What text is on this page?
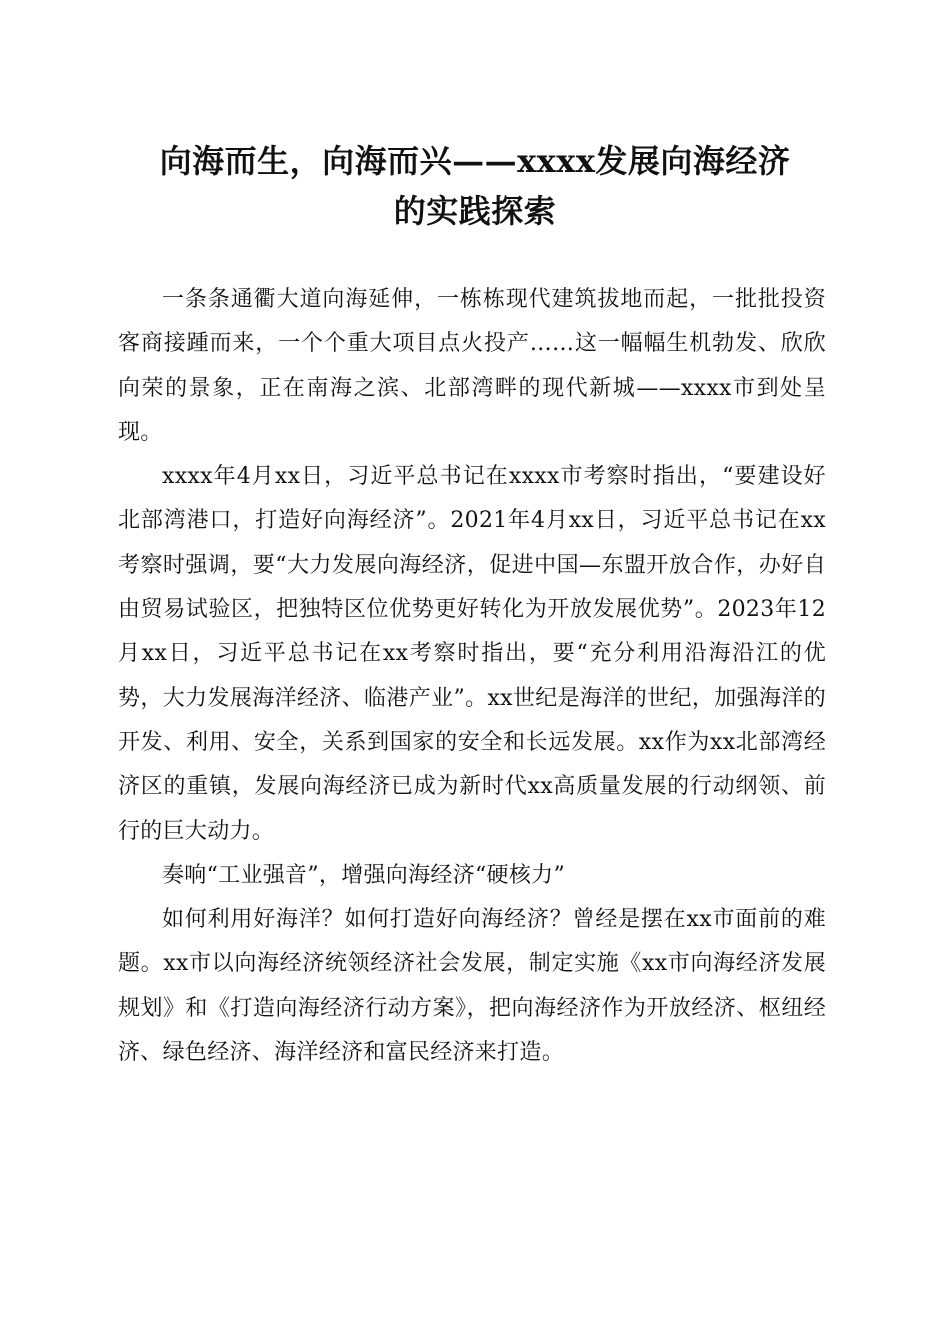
向海而生，向海而兴——xxxx发展向海经济
的实践探索

一条条通衢大道向海延伸，一栋栋现代建筑拔地而起，一批批投资客商接踵而来，一个个重大项目点火投产……这一幅幅生机勃发、欣欣向荣的景象，正在南海之滨、北部湾畔的现代新城——xxxx市到处呈现。

xxxx年4月xx日，习近平总书记在xxxx市考察时指出，“要建设好北部湾港口，打造好向海经济”。2021年4月xx日，习近平总书记在xx考察时强调，要“大力发展向海经济，促进中国—东盟开放合作，办好自由贸易试验区，把独特区位优势更好转化为开放发展优势”。2023年12月xx日，习近平总书记在xx考察时指出，要“充分利用沿海沿江的优势，大力发展海洋经济、临港产业”。xx世纪是海洋的世纪，加强海洋的开发、利用、安全，关系到国家的安全和长远发展。xx作为xx北部湾经济区的重镇，发展向海经济已成为新时代xx高质量发展的行动纲领、前行的巨大动力。

奏响“工业强音”，增强向海经济“硬核力”

如何利用好海洋？如何打造好向海经济？曾经是摆在xx市面前的难题。xx市以向海经济统领经济社会发展，制定实施《xx市向海经济发展规划》和《打造向海经济行动方案》，把向海经济作为开放经济、枢纽经济、绿色经济、海洋经济和富民经济来打造。
